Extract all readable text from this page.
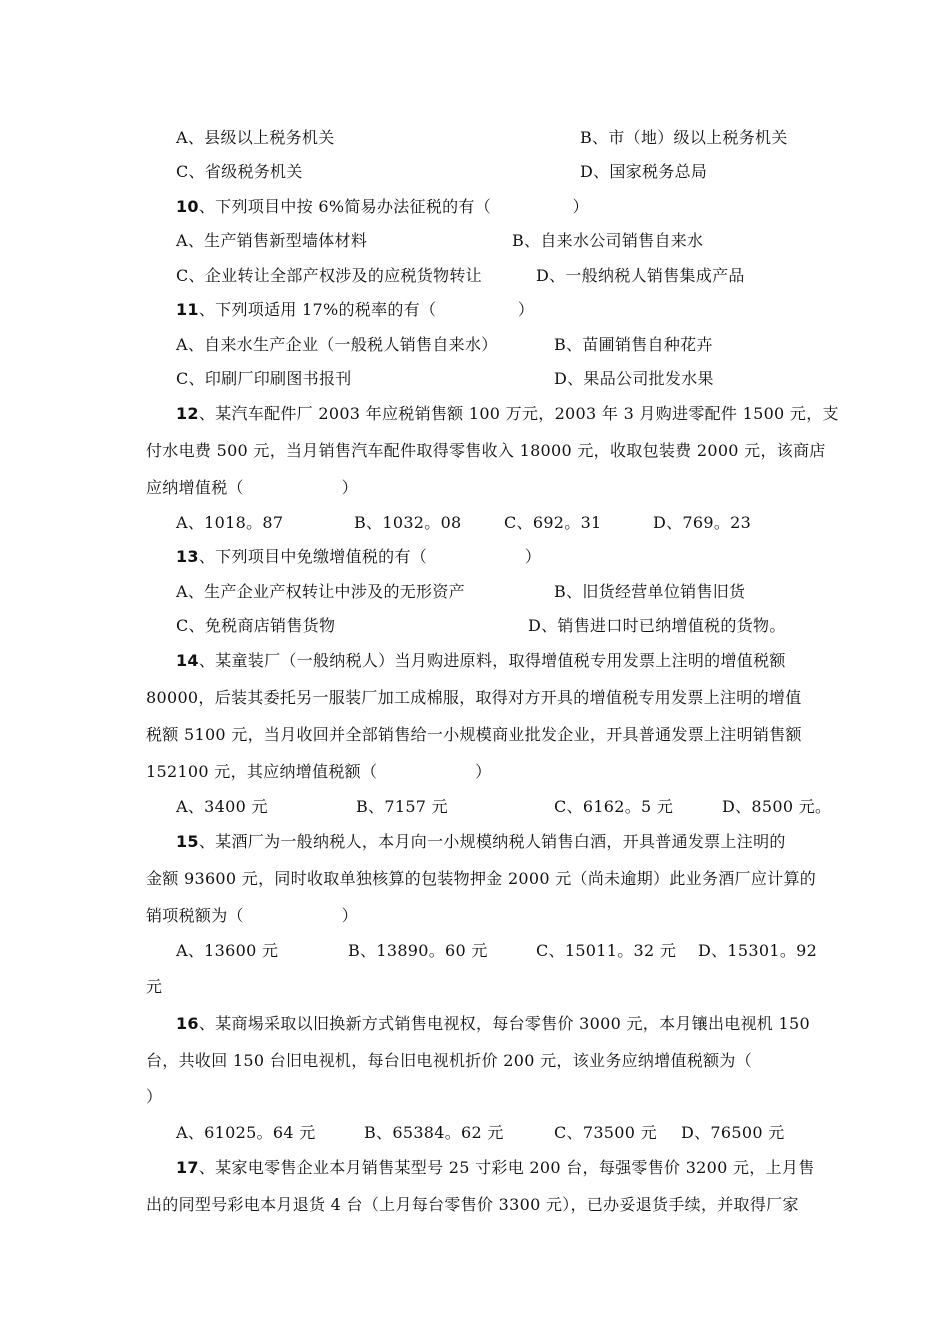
A、县级以上税务机关	B、市（地）级以上税务机关
C、省级税务机关	D、国家税务总局
10、下列项目中按 6%简易办法征税的有（　　　　　）
A、生产销售新型墙体材料	B、自来水公司销售自来水
C、企业转让全部产权涉及的应税货物转让	D、一般纳税人销售集成产品
11、下列项适用 17%的税率的有（　　　　　）
A、自来水生产企业（一般税人销售自来水）	B、苗圃销售自种花卉
C、印刷厂印刷图书报刊	D、果品公司批发水果
12、某汽车配件厂 2003 年应税销售额 100 万元，2003 年 3 月购进零配件 1500 元，支
付水电费 500 元，当月销售汽车配件取得零售收入 18000 元，收取包装费 2000 元，该商店
应纳增值税（　　　　　　）
A、1018。87	B、1032。08	C、692。31	D、769。23
13、下列项目中免缴增值税的有（　　　　　　）
A、生产企业产权转让中涉及的无形资产	B、旧货经营单位销售旧货
C、免税商店销售货物	D、销售进口时已纳增值税的货物。
14、某童装厂（一般纳税人）当月购进原料，取得增值税专用发票上注明的增值税额
80000，后装其委托另一服装厂加工成棉服，取得对方开具的增值税专用发票上注明的增值
税额 5100 元，当月收回并全部销售给一小规模商业批发企业，开具普通发票上注明销售额
152100 元，其应纳增值税额（　　　　　　）
A、3400 元	B、7157 元	C、6162。5 元	D、8500 元。
15、某酒厂为一般纳税人，本月向一小规模纳税人销售白酒，开具普通发票上注明的
金额 93600 元，同时收取单独核算的包装物押金 2000 元（尚未逾期）此业务酒厂应计算的
销项税额为（　　　　　　）
A、13600 元	B、13890。60 元	C、15011。32 元 D、15301。92
元
16、某商埸采取以旧换新方式销售电视权，每台零售价 3000 元，本月镶出电视机 150
台，共收回 150 台旧电视机，每台旧电视机折价 200 元，该业务应纳增值税额为（
）
A、61025。64 元	B、65384。62 元	C、73500 元 D、76500 元
17、某家电零售企业本月销售某型号 25 寸彩电 200 台，每强零售价 3200 元，上月售
出的同型号彩电本月退货 4 台（上月每台零售价 3300 元），已办妥退货手续，并取得厂家
